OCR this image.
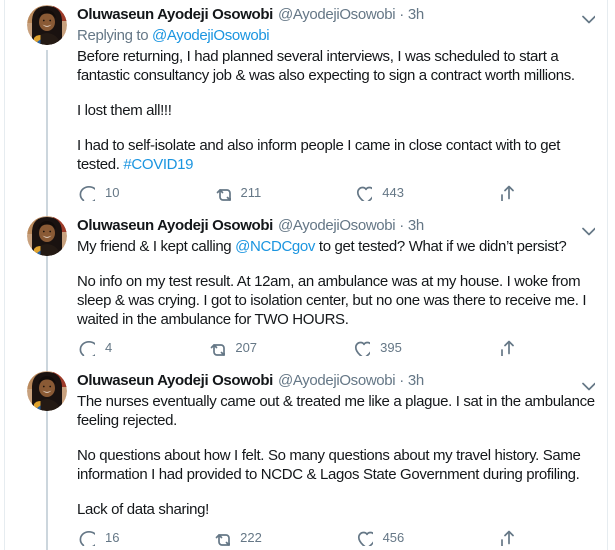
Oluwaseun Ayodeji Osowobi @AyodejiOsowobi · 3h
Replying to @AyodejiOsowobi

Before returning, I had planned several interviews, I was scheduled to start a fantastic consultancy job & was also expecting to sign a contract worth millions.

I lost them all!!!

I had to self-isolate and also inform people I came in close contact with to get tested. #COVID19

10	211	443
Oluwaseun Ayodeji Osowobi @AyodejiOsowobi · 3h

My friend & I kept calling @NCDCgov to get tested? What if we didn’t persist?

No info on my test result. At 12am, an ambulance was at my house. I woke from sleep & was crying. I got to isolation center, but no one was there to receive me. I waited in the ambulance for TWO HOURS.

4	207	395
Oluwaseun Ayodeji Osowobi @AyodejiOsowobi · 3h

The nurses eventually came out & treated me like a plague. I sat in the ambulance feeling rejected.

No questions about how I felt. So many questions about my travel history. Same information I had provided to NCDC & Lagos State Government during profiling.

Lack of data sharing!

16	222	456
